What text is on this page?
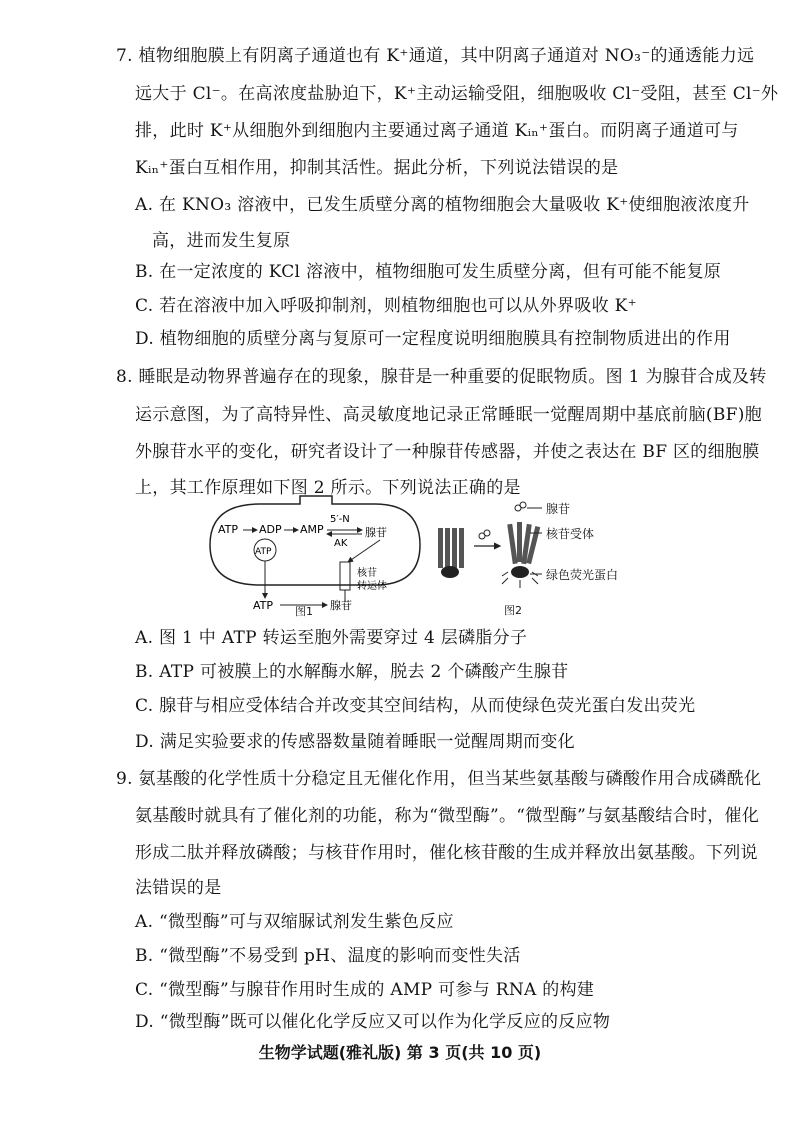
7. 植物细胞膜上有阴离子通道也有 K⁺通道，其中阴离子通道对 NO₃⁻的通透能力远
远大于 Cl⁻。在高浓度盐胁迫下，K⁺主动运输受阻，细胞吸收 Cl⁻受阻，甚至 Cl⁻外
排，此时 K⁺从细胞外到细胞内主要通过离子通道 Kᵢₙ⁺蛋白。而阴离子通道可与
Kᵢₙ⁺蛋白互相作用，抑制其活性。据此分析，下列说法错误的是
A. 在 KNO₃ 溶液中，已发生质壁分离的植物细胞会大量吸收 K⁺使细胞液浓度升
高，进而发生复原
B. 在一定浓度的 KCl 溶液中，植物细胞可发生质壁分离，但有可能不能复原
C. 若在溶液中加入呼吸抑制剂，则植物细胞也可以从外界吸收 K⁺
D. 植物细胞的质壁分离与复原可一定程度说明细胞膜具有控制物质进出的作用
8. 睡眠是动物界普遍存在的现象，腺苷是一种重要的促眠物质。图 1 为腺苷合成及转
运示意图，为了高特异性、高灵敏度地记录正常睡眠一觉醒周期中基底前脑(BF)胞
外腺苷水平的变化，研究者设计了一种腺苷传感器，并使之表达在 BF 区的细胞膜
上，其工作原理如下图 2 所示。下列说法正确的是
ATP ADP AMP
5′-N
AK
腺苷
ATP
核苷
转运体
ATP	腺苷
图1
腺苷
核苷受体
绿色荧光蛋白
图2
A. 图 1 中 ATP 转运至胞外需要穿过 4 层磷脂分子
B. ATP 可被膜上的水解酶水解，脱去 2 个磷酸产生腺苷
C. 腺苷与相应受体结合并改变其空间结构，从而使绿色荧光蛋白发出荧光
D. 满足实验要求的传感器数量随着睡眠一觉醒周期而变化
9. 氨基酸的化学性质十分稳定且无催化作用，但当某些氨基酸与磷酸作用合成磷酰化
氨基酸时就具有了催化剂的功能，称为“微型酶”。“微型酶”与氨基酸结合时，催化
形成二肽并释放磷酸；与核苷作用时，催化核苷酸的生成并释放出氨基酸。下列说
法错误的是
A. “微型酶”可与双缩脲试剂发生紫色反应
B. “微型酶”不易受到 pH、温度的影响而变性失活
C. “微型酶”与腺苷作用时生成的 AMP 可参与 RNA 的构建
D. “微型酶”既可以催化化学反应又可以作为化学反应的反应物
生物学试题(雅礼版) 第 3 页(共 10 页)
